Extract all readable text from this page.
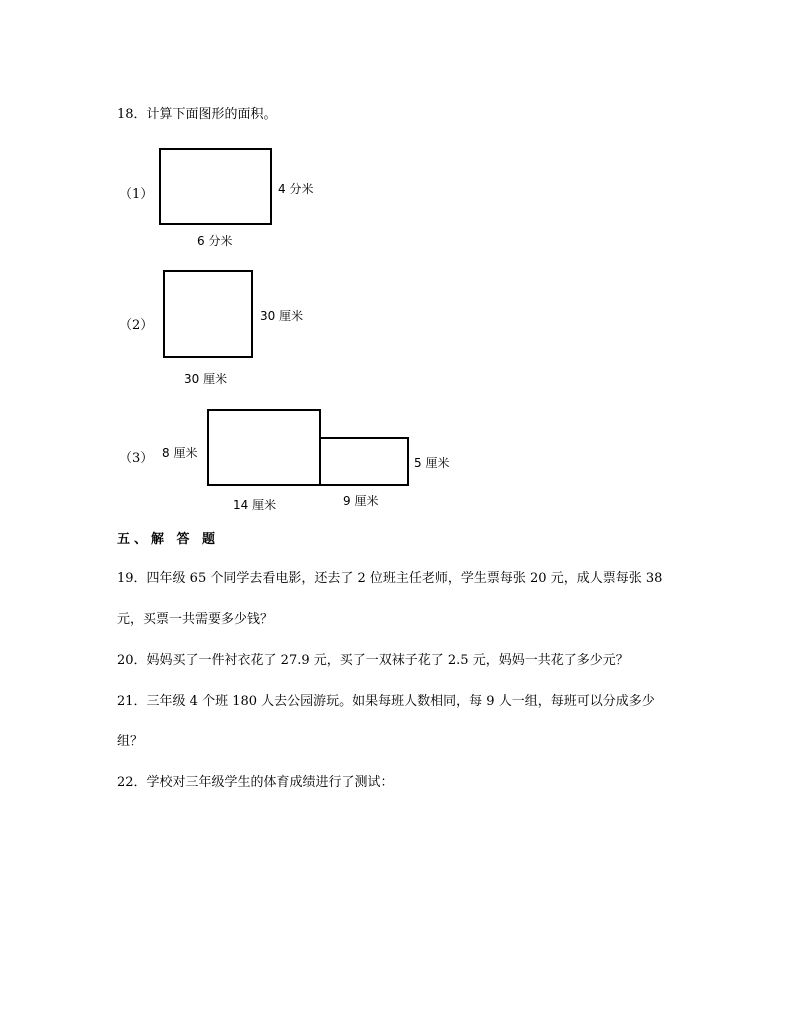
18．计算下面图形的面积。
（1）	4 分米
6 分米
（2）
30 厘米
30 厘米
（3） 8 厘米
5 厘米
14 厘米	9 厘米
五、解 答 题
19．四年级 65 个同学去看电影，还去了 2 位班主任老师，学生票每张 20 元，成人票每张 38
元，买票一共需要多少钱？
20．妈妈买了一件衬衣花了 27.9 元，买了一双袜子花了 2.5 元，妈妈一共花了多少元？
21．三年级 4 个班 180 人去公园游玩。如果每班人数相同，每 9 人一组，每班可以分成多少
组？
22．学校对三年级学生的体育成绩进行了测试：
